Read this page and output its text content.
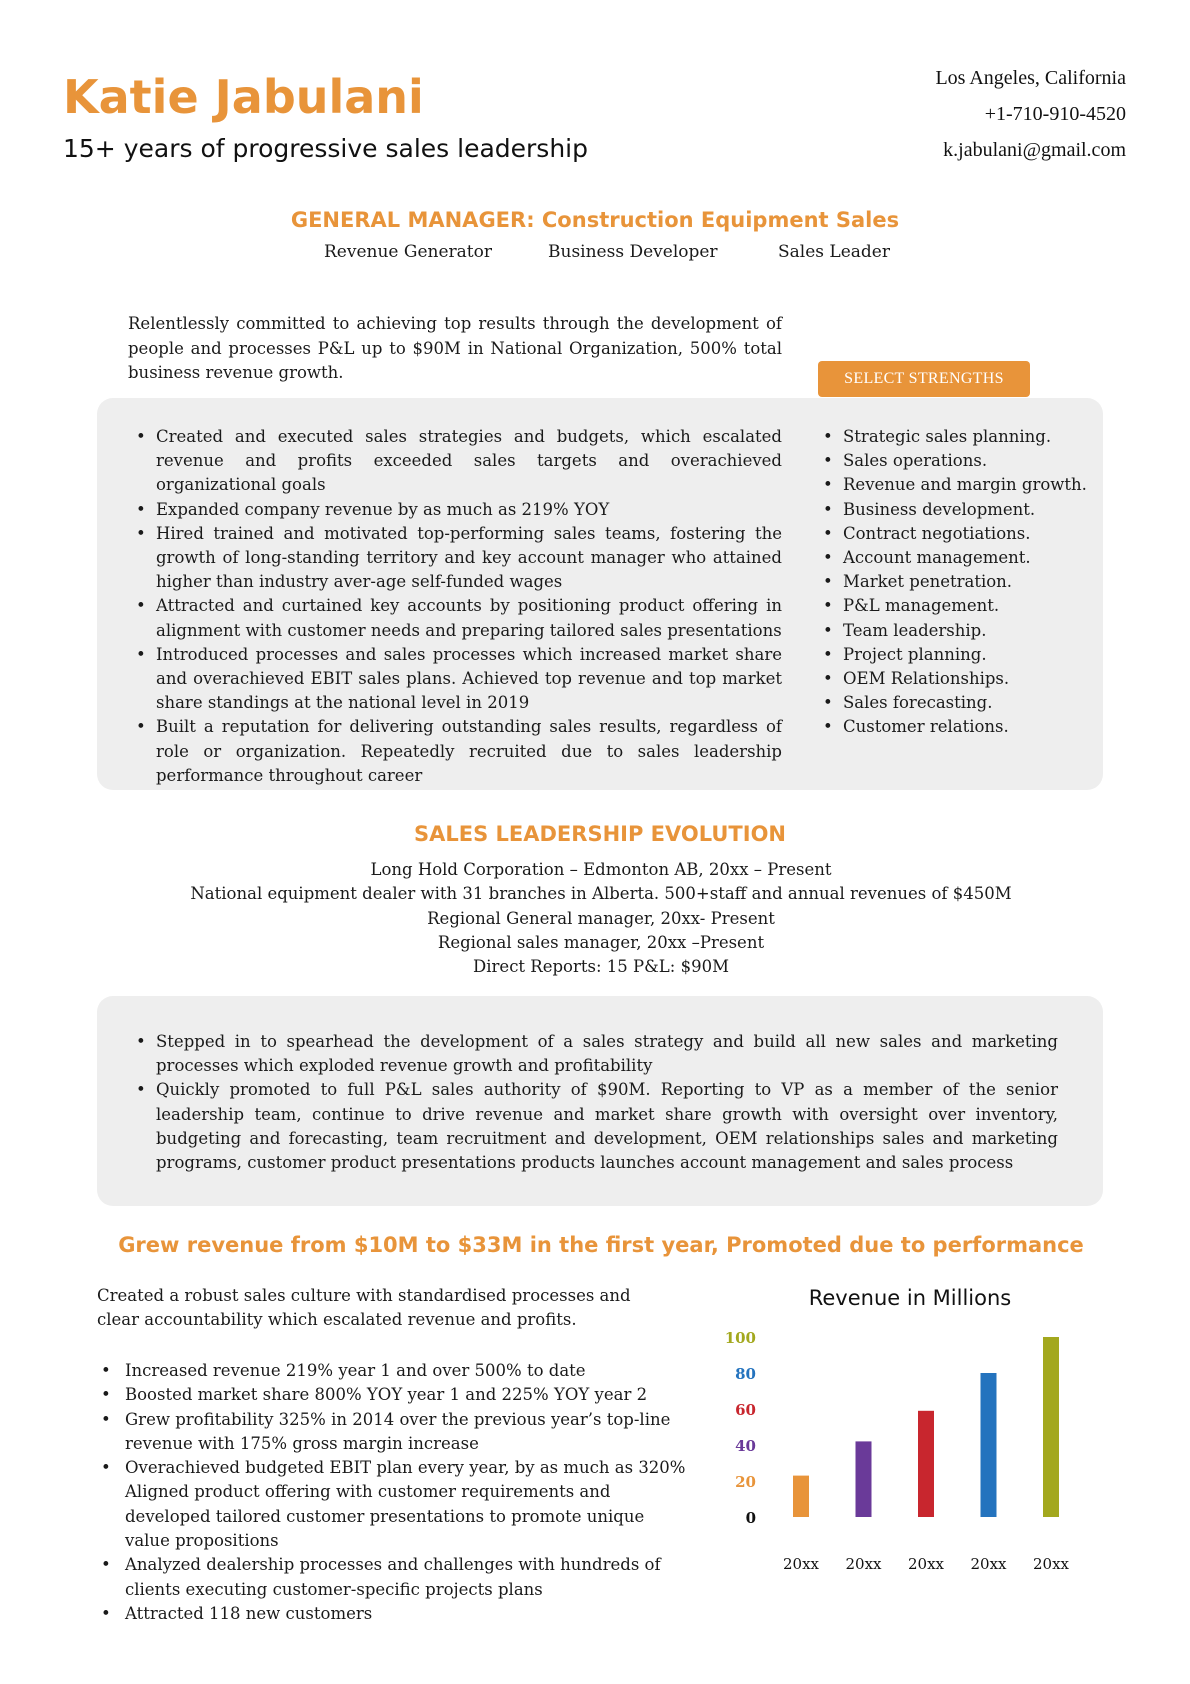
Katie Jabulani
15+ years of progressive sales leadership
Los Angeles, California
+1-710-910-4520
k.jabulani@gmail.com
GENERAL MANAGER: Construction Equipment Sales
Revenue Generator	Business Developer	Sales Leader
Relentlessly committed to achieving top results through the development of people and processes P&L up to $90M in National Organization, 500% total business revenue growth.	SELECT STRENGTHS
• Created and executed sales strategies and budgets, which escalated revenue and profits exceeded sales targets and overachieved organizational goals
• Expanded company revenue by as much as 219% YOY
• Hired trained and motivated top-performing sales teams, fostering the growth of long-standing territory and key account manager who attained higher than industry aver-age self-funded wages
• Attracted and curtained key accounts by positioning product offering in alignment with customer needs and preparing tailored sales presentations
• Introduced processes and sales processes which increased market share and overachieved EBIT sales plans. Achieved top revenue and top market share standings at the national level in 2019
• Built a reputation for delivering outstanding sales results, regardless of role or organization. Repeatedly recruited due to sales leadership performance throughout career
• Strategic sales planning.
• Sales operations.
• Revenue and margin growth.
• Business development.
• Contract negotiations.
• Account management.
• Market penetration.
• P&L management.
• Team leadership.
• Project planning.
• OEM Relationships.
• Sales forecasting.
• Customer relations.
SALES LEADERSHIP EVOLUTION
Long Hold Corporation – Edmonton AB, 20xx – Present
National equipment dealer with 31 branches in Alberta. 500+staff and annual revenues of $450M
Regional General manager, 20xx- Present
Regional sales manager, 20xx –Present
Direct Reports: 15 P&L: $90M
• Stepped in to spearhead the development of a sales strategy and build all new sales and marketing processes which exploded revenue growth and profitability
• Quickly promoted to full P&L sales authority of $90M. Reporting to VP as a member of the senior leadership team, continue to drive revenue and market share growth with oversight over inventory, budgeting and forecasting, team recruitment and development, OEM relationships sales and marketing programs, customer product presentations products launches account management and sales process
Grew revenue from $10M to $33M in the first year, Promoted due to performance
Created a robust sales culture with standardised processes and clear accountability which escalated revenue and profits.
• Increased revenue 219% year 1 and over 500% to date
• Boosted market share 800% YOY year 1 and 225% YOY year 2
• Grew profitability 325% in 2014 over the previous year’s top-line revenue with 175% gross margin increase
• Overachieved budgeted EBIT plan every year, by as much as 320% Aligned product offering with customer requirements and developed tailored customer presentations to promote unique value propositions
• Analyzed dealership processes and challenges with hundreds of clients executing customer-specific projects plans
• Attracted 118 new customers
Revenue in Millions
0
20
40
60
80
100
20xx 20xx 20xx 20xx 20xx
